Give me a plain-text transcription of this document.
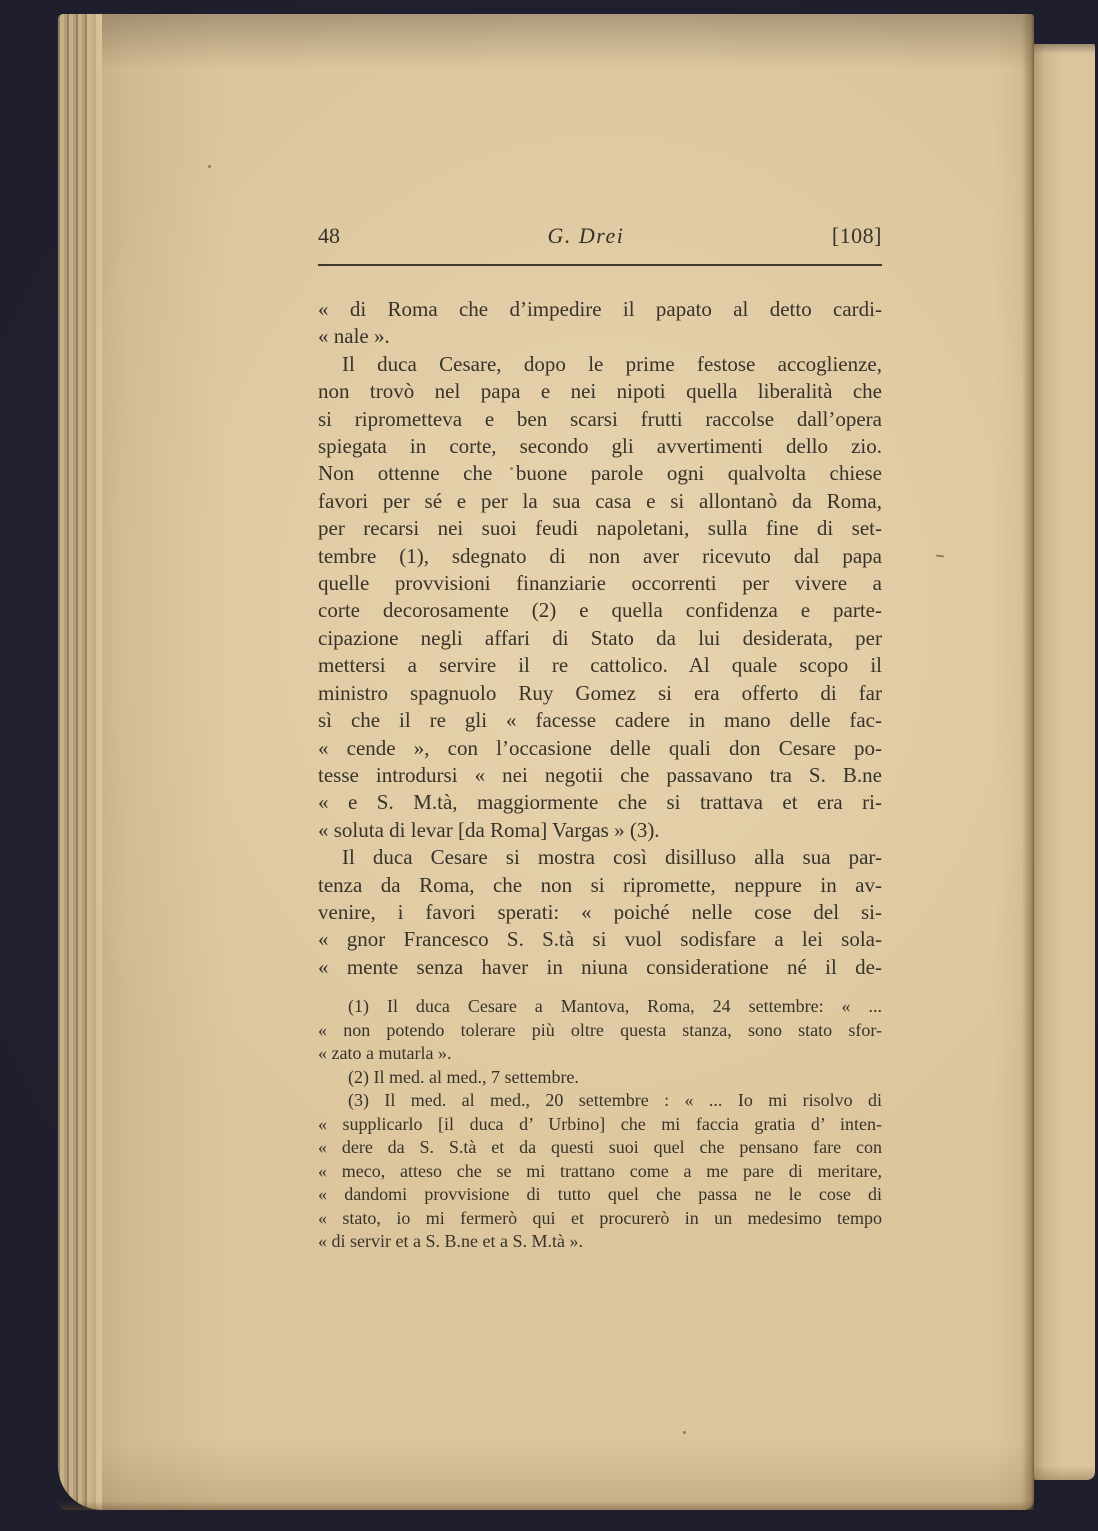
48	G. Drei	[108]
« di Roma che d’impedire il papato al detto cardi-
« nale ».
Il duca Cesare, dopo le prime festose accoglienze,
non trovò nel papa e nei nipoti quella liberalità che
si riprometteva e ben scarsi frutti raccolse dall’opera
spiegata in corte, secondo gli avvertimenti dello zio.
Non ottenne che buone parole ogni qualvolta chiese
favori per sé e per la sua casa e si allontanò da Roma,
per recarsi nei suoi feudi napoletani, sulla fine di set-
tembre (1), sdegnato di non aver ricevuto dal papa
quelle provvisioni finanziarie occorrenti per vivere a
corte decorosamente (2) e quella confidenza e parte-
cipazione negli affari di Stato da lui desiderata, per
mettersi a servire il re cattolico. Al quale scopo il
ministro spagnuolo Ruy Gomez si era offerto di far
sì che il re gli « facesse cadere in mano delle fac-
« cende », con l’occasione delle quali don Cesare po-
tesse introdursi « nei negotii che passavano tra S. B.ne
« e S. M.tà, maggiormente che si trattava et era ri-
« soluta di levar [da Roma] Vargas » (3).
Il duca Cesare si mostra così disilluso alla sua par-
tenza da Roma, che non si ripromette, neppure in av-
venire, i favori sperati: « poiché nelle cose del si-
« gnor Francesco S. S.tà si vuol sodisfare a lei sola-
« mente senza haver in niuna consideratione né il de-
(1) Il duca Cesare a Mantova, Roma, 24 settembre: « ...
« non potendo tolerare più oltre questa stanza, sono stato sfor-
« zato a mutarla ».
(2) Il med. al med., 7 settembre.
(3) Il med. al med., 20 settembre : « ... Io mi risolvo di
« supplicarlo [il duca d’ Urbino] che mi faccia gratia d’ inten-
« dere da S. S.tà et da questi suoi quel che pensano fare con
« meco, atteso che se mi trattano come a me pare di meritare,
« dandomi provvisione di tutto quel che passa ne le cose di
« stato, io mi fermerò qui et procurerò in un medesimo tempo
« di servir et a S. B.ne et a S. M.tà ».
